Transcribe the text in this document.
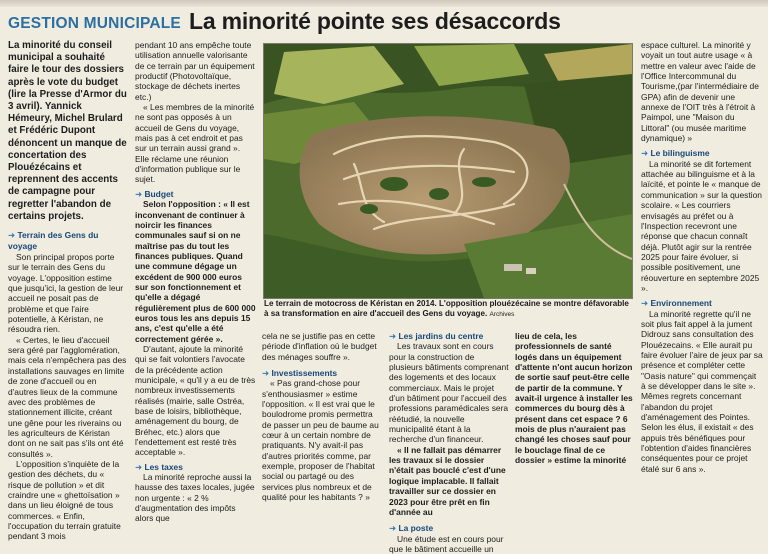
GESTION MUNICIPALE La minorité pointe ses désaccords

La minorité du conseil municipal a souhaité faire le tour des dossiers après le vote du budget (lire la Presse d'Armor du 3 avril). Yannick Hémeury, Michel Brulard et Frédéric Dupont dénoncent un manque de concertation des Plouézécains et reprennent des accents de campagne pour regretter l'abandon de certains projets.

➜ Terrain des Gens du voyage

Son principal propos porte sur le terrain des Gens du voyage. L'opposition estime que jusqu'ici, la gestion de leur accueil ne posait pas de problème et que l'aire potentielle, à Kéristan, ne résoudra rien.

« Certes, le lieu d'accueil sera géré par l'agglomération, mais cela n'empêchera pas des installations sauvages en limite de zone d'accueil ou en d'autres lieux de la commune avec des problèmes de stationnement illicite, créant une gêne pour les riverains ou les agriculteurs de Kéristan dont on ne sait pas s'ils ont été consultés ».

L'opposition s'inquiète de la gestion des déchets, du « risque de pollution » et dit craindre une « ghettoïsation » dans un lieu éloigné de tous commerces. « Enfin, l'occupation du terrain gratuite pendant 3 mois

pendant 10 ans empêche toute utilisation annuelle valorisante de ce terrain par un équipement productif (Photovoltaïque, stockage de déchets inertes etc.)

« Les membres de la minorité ne sont pas opposés à un accueil de Gens du voyage, mais pas à cet endroit et pas sur un terrain aussi grand ».

Elle réclame une réunion d'information publique sur le sujet.

➜ Budget

Selon l'opposition : « Il est inconvenant de continuer à noircir les finances communales sauf si on ne maîtrise pas du tout les finances publiques. Quand une commune dégage un excédent de 900 000 euros sur son fonctionnement et qu'elle a dégagé régulièrement plus de 600 000 euros tous les ans depuis 15 ans, c'est qu'elle a été correctement gérée ».

D'autant, ajoute la minorité qui se fait volontiers l'avocate de la précédente action municipale, « qu'il y a eu de très nombreux investissements réalisés (mairie, salle Ostréa, base de loisirs, bibliothèque, aménagement du bourg, de Bréhec, etc.) alors que l'endettement est resté très acceptable ».

➜ Les taxes

La minorité reproche aussi la hausse des taxes locales, jugée non urgente : « 2 % d'augmentation des impôts alors que

Le terrain de motocross de Kéristan en 2014. L'opposition plouézécaine se montre défavorable à sa transformation en aire d'accueil des Gens du voyage. Archives

cela ne se justifie pas en cette période d'inflation où le budget des ménages souffre ».

➜ Investissements

« Pas grand-chose pour s'enthousiasmer » estime l'opposition. « Il est vrai que le boulodrome promis permettra de passer un peu de baume au cœur à un certain nombre de pratiquants. N'y avait-il pas d'autres priorités comme, par exemple, proposer de l'habitat social ou partagé ou des services plus nombreux et de qualité pour les habitants ? »

➜ Les jardins du centre

Les travaux sont en cours pour la construction de plusieurs bâtiments comprenant des logements et des locaux commerciaux. Mais le projet d'un bâtiment pour l'accueil des professions paramédicales sera réétudié, la nouvelle municipalité étant à la recherche d'un financeur.

« Il ne fallait pas démarrer les travaux si le dossier n'était pas bouclé c'est d'une logique implacable. Il fallait travailler sur ce dossier en 2023 pour être prêt en fin d'année au

➜ La poste

Une étude est en cours pour que le bâtiment accueille un

lieu de cela, les professionnels de santé logés dans un équipement d'attente n'ont aucun horizon de sortie sauf peut-être celle de partir de la commune. Y avait-il urgence à installer les commerces du bourg dès à présent dans cet espace ? 6 mois de plus n'auraient pas changé les choses sauf pour le bouclage final de ce dossier » estime la minorité

espace culturel. La minorité y voyait un tout autre usage « à mettre en valeur avec l'aide de l'Office Intercommunal du Tourisme,(par l'intermédiaire de GPA) afin de devenir une annexe de l'OIT très à l'étroit à Paimpol, une "Maison du Littoral" (ou musée maritime dynamique) »

➜ Le bilinguisme

La minorité se dit fortement attachée au bilinguisme et à la laïcité, et pointe le « manque de communication » sur la question scolaire. « Les courriers envisagés au préfet ou à l'Inspection recevront une réponse que chacun connaît déjà. Plutôt agir sur la rentrée 2025 pour faire évoluer, si possible positivement, une réouverture en septembre 2025 ».

➜ Environnement

La minorité regrette qu'il ne soit plus fait appel à la jument Didrouz sans consultation des Plouézecains. « Elle aurait pu faire évoluer l'aire de jeux par sa présence et compléter cette "Oasis nature" qui commençait à se développer dans le site ». Mêmes regrets concernant l'abandon du projet d'aménagement des Pointes. Selon les élus, il existait « des appuis très bénéfiques pour l'obtention d'aides financières conséquentes pour ce projet étalé sur 6 ans ».
